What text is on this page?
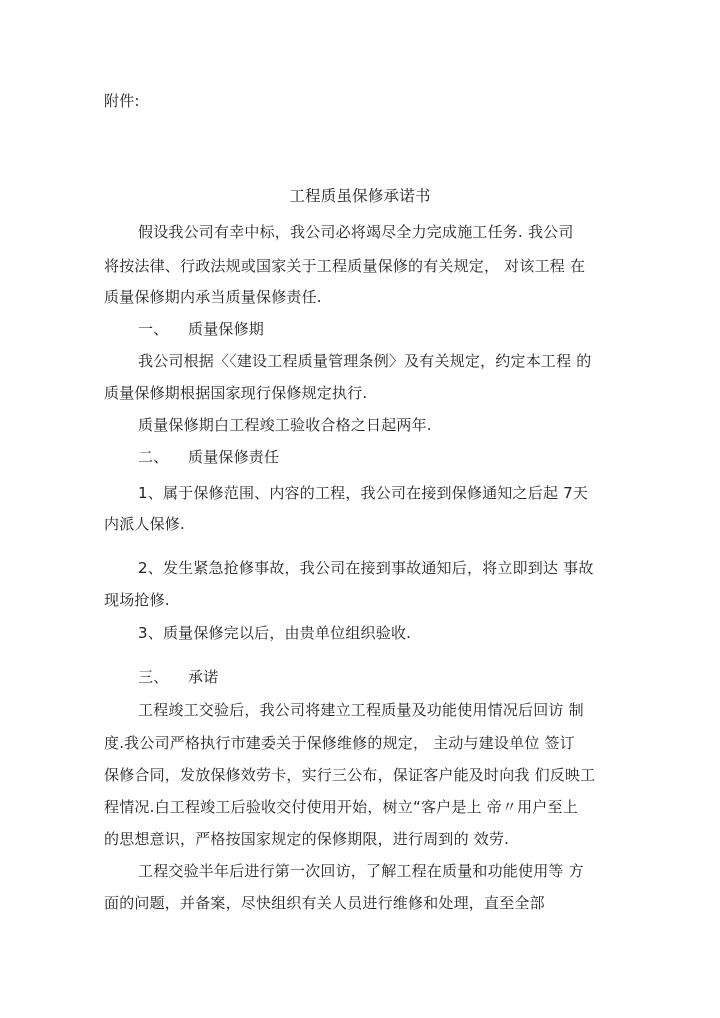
附件:
工程质虽保修承诺书
假设我公司有幸中标，我公司必将竭尽全力完成施工任务. 我公司
将按法律、行政法规或国家关于工程质量保修的有关规定， 对该工程 在
质量保修期内承当质量保修责任.
一、 质量保修期
我公司根据〈〈建设工程质量管理条例〉及有关规定，约定本工程 的
质量保修期根据国家现行保修规定执行.
质量保修期白工程竣工验收合格之日起两年.
二、 质量保修责任
1、属于保修范围、内容的工程，我公司在接到保修通知之后起 7天
内派人保修.
2、发生紧急抢修事故，我公司在接到事故通知后，将立即到达 事故
现场抢修.
3、质量保修完以后，由贵单位组织验收.
三、 承诺
工程竣工交验后，我公司将建立工程质量及功能使用情况后回访 制
度.我公司严格执行市建委关于保修维修的规定， 主动与建设单位 签订
保修合同，发放保修效劳卡，实行三公布，保证客户能及时向我 们反映工
程情况.白工程竣工后验收交付使用开始，树立“客户是上 帝〃用户至上
的思想意识，严格按国家规定的保修期限，进行周到的 效劳.
工程交验半年后进行第一次回访，了解工程在质量和功能使用等 方
面的问题，并备案，尽快组织有关人员进行维修和处理，直至全部
